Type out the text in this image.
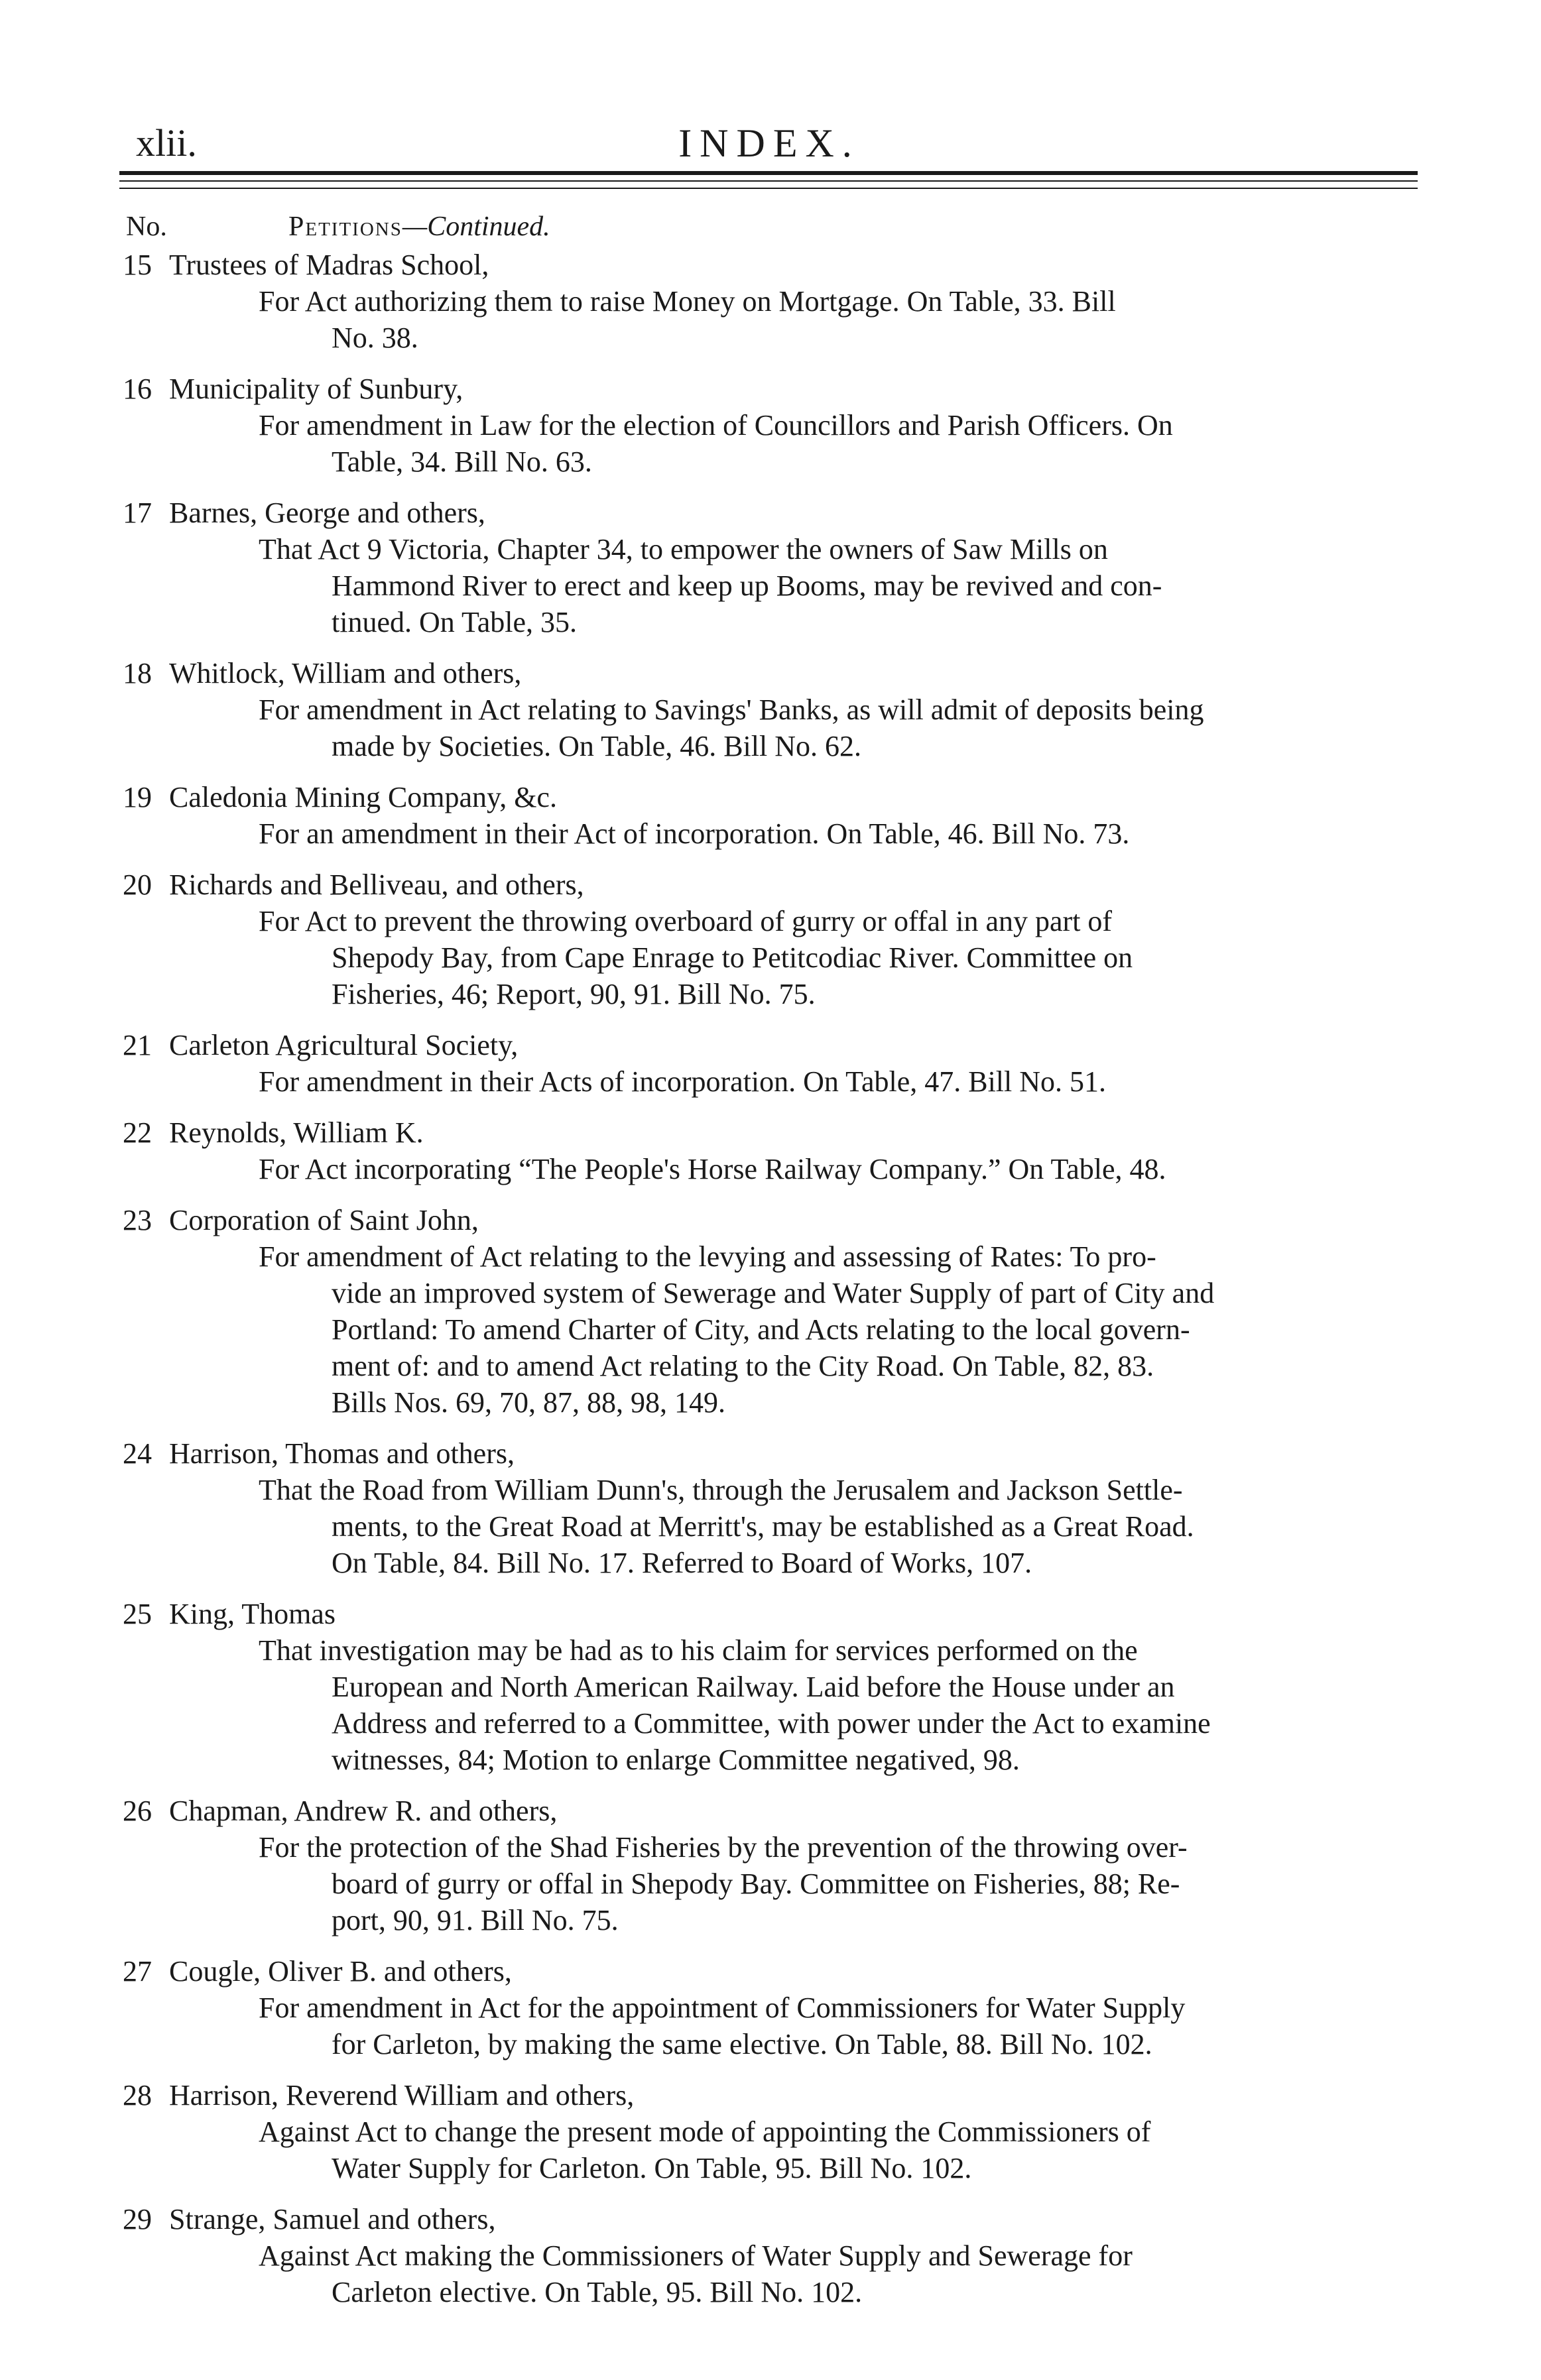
xlii.	INDEX.
No.	Petitions—Continued.
15 Trustees of Madras School,
For Act authorizing them to raise Money on Mortgage. On Table, 33. Bill
No. 38.
16 Municipality of Sunbury,
For amendment in Law for the election of Councillors and Parish Officers. On
Table, 34. Bill No. 63.
17 Barnes, George and others,
That Act 9 Victoria, Chapter 34, to empower the owners of Saw Mills on
Hammond River to erect and keep up Booms, may be revived and con-
tinued. On Table, 35.
18 Whitlock, William and others,
For amendment in Act relating to Savings' Banks, as will admit of deposits being
made by Societies. On Table, 46. Bill No. 62.
19 Caledonia Mining Company, &c.
For an amendment in their Act of incorporation. On Table, 46. Bill No. 73.
20 Richards and Belliveau, and others,
For Act to prevent the throwing overboard of gurry or offal in any part of
Shepody Bay, from Cape Enrage to Petitcodiac River. Committee on
Fisheries, 46; Report, 90, 91. Bill No. 75.
21 Carleton Agricultural Society,
For amendment in their Acts of incorporation. On Table, 47. Bill No. 51.
22 Reynolds, William K.
For Act incorporating “The People's Horse Railway Company.” On Table, 48.
23 Corporation of Saint John,
For amendment of Act relating to the levying and assessing of Rates: To pro-
vide an improved system of Sewerage and Water Supply of part of City and
Portland: To amend Charter of City, and Acts relating to the local govern-
ment of: and to amend Act relating to the City Road. On Table, 82, 83.
Bills Nos. 69, 70, 87, 88, 98, 149.
24 Harrison, Thomas and others,
That the Road from William Dunn's, through the Jerusalem and Jackson Settle-
ments, to the Great Road at Merritt's, may be established as a Great Road.
On Table, 84. Bill No. 17. Referred to Board of Works, 107.
25 King, Thomas
That investigation may be had as to his claim for services performed on the
European and North American Railway. Laid before the House under an
Address and referred to a Committee, with power under the Act to examine
witnesses, 84; Motion to enlarge Committee negatived, 98.
26 Chapman, Andrew R. and others,
For the protection of the Shad Fisheries by the prevention of the throwing over-
board of gurry or offal in Shepody Bay. Committee on Fisheries, 88; Re-
port, 90, 91. Bill No. 75.
27 Cougle, Oliver B. and others,
For amendment in Act for the appointment of Commissioners for Water Supply
for Carleton, by making the same elective. On Table, 88. Bill No. 102.
28 Harrison, Reverend William and others,
Against Act to change the present mode of appointing the Commissioners of
Water Supply for Carleton. On Table, 95. Bill No. 102.
29 Strange, Samuel and others,
Against Act making the Commissioners of Water Supply and Sewerage for
Carleton elective. On Table, 95. Bill No. 102.
